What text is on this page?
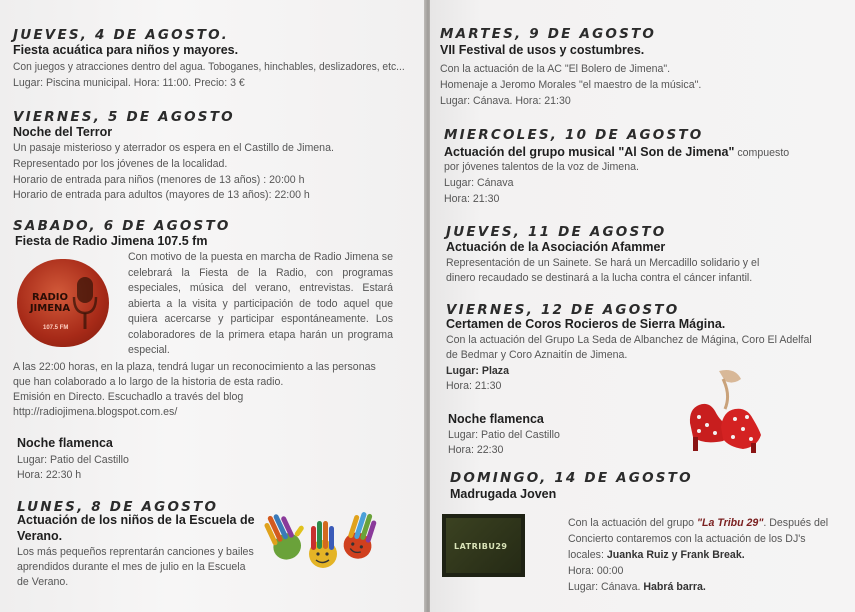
JUEVES, 4 DE AGOSTO.
Fiesta acuática para niños y mayores.
Con juegos y atracciones dentro del agua. Toboganes, hinchables, deslizadores, etc...
Lugar: Piscina municipal. Hora: 11:00. Precio: 3 €
VIERNES, 5 DE AGOSTO
Noche del Terror
Un pasaje misterioso y aterrador os espera en el Castillo de Jimena.
Representado por los jóvenes de la localidad.
Horario de entrada para niños (menores de 13 años) : 20:00 h
Horario de entrada para adultos (mayores de 13 años): 22:00 h
SABADO, 6 DE AGOSTO
Fiesta de Radio Jimena 107.5 fm
RADIO JIMENA
107.5 FM
Con motivo de la puesta en marcha de Radio Jimena se celebrará la Fiesta de la Radio, con programas especiales, música del verano, entrevistas. Estará abierta a la visita y participación de todo aquel que quiera acercarse y participar espontáneamente. Los colaboradores de la primera etapa harán un programa especial.
A las 22:00 horas, en la plaza, tendrá lugar un reconocimiento a las personas
que han colaborado a lo largo de la historia de esta radio.
Emisión en Directo. Escuchadlo a través del blog
http://radiojimena.blogspot.com.es/
Noche flamenca
Lugar: Patio del Castillo
Hora: 22:30 h
LUNES, 8 DE AGOSTO
Actuación de los niños de la Escuela de
Verano.
Los más pequeños reprentarán canciones y bailes
aprendidos durante el mes de julio en la Escuela
de Verano.
MARTES, 9 DE AGOSTO
VII Festival de usos y costumbres.
Con la actuación de la AC "El Bolero de Jimena".
Homenaje a Jeromo Morales "el maestro de la música".
Lugar: Cánava. Hora: 21:30
MIERCOLES, 10 DE AGOSTO
Actuación del grupo musical "Al Son de Jimena" compuesto
por jóvenes talentos de la voz de Jimena.
Lugar: Cánava
Hora: 21:30
JUEVES, 11 DE AGOSTO
Actuación de la Asociación Afammer
Representación de un Sainete. Se hará un Mercadillo solidario y el
dinero recaudado se destinará a la lucha contra el cáncer infantil.
VIERNES, 12 DE AGOSTO
Certamen de Coros Rocieros de Sierra Mágina.
Con la actuación del Grupo La Seda de Albanchez de Mágina, Coro El Adelfal
de Bedmar y Coro Aznaitín de Jimena.
Lugar: Plaza
Hora: 21:30
Noche flamenca
Lugar: Patio del Castillo
Hora: 22:30
DOMINGO, 14 DE AGOSTO
Madrugada Joven
LATRIBU29
Con la actuación del grupo "La Tribu 29". Después del
Concierto contaremos con la actuación de los DJ's
locales: Juanka Ruiz y Frank Break.
Hora: 00:00
Lugar: Cánava. Habrá barra.
